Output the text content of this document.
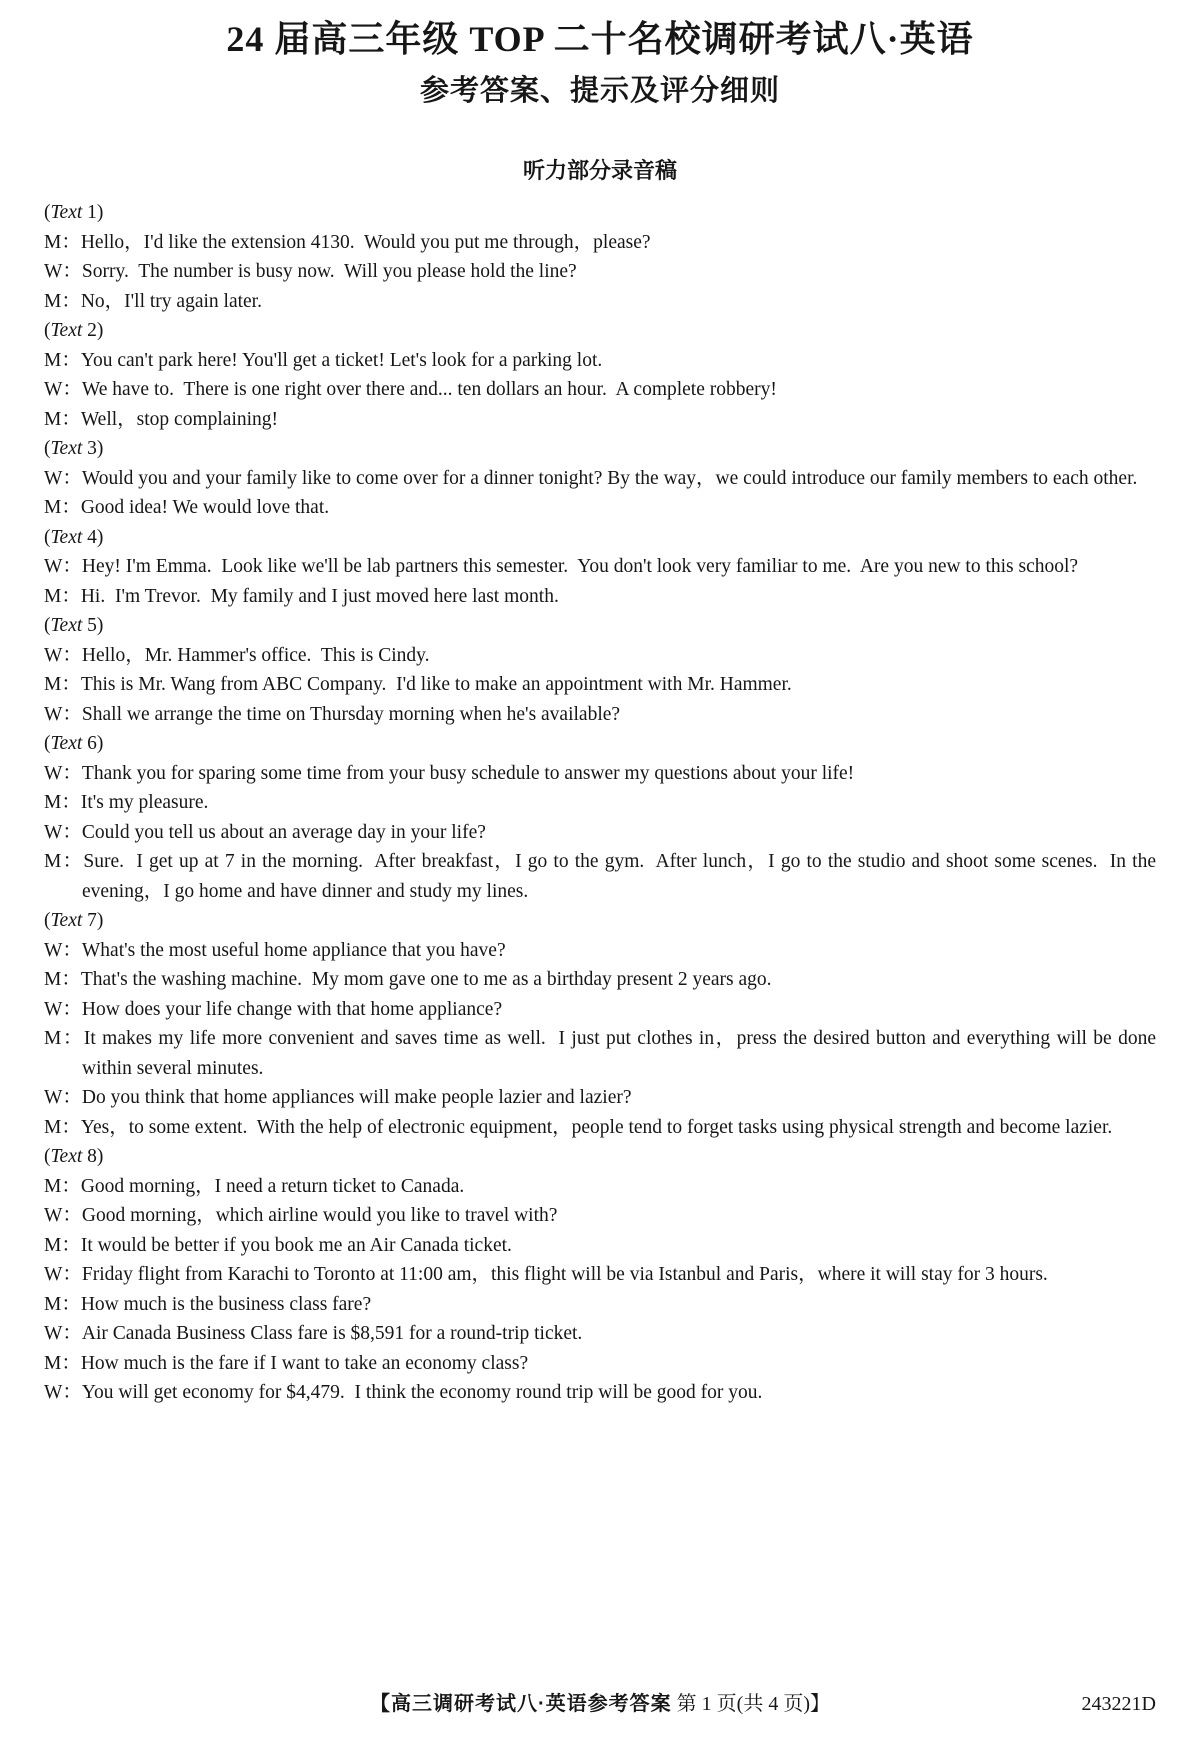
24 届高三年级 TOP 二十名校调研考试八·英语
参考答案、提示及评分细则
听力部分录音稿

(Text 1)

M：Hello，I'd like the extension 4130.  Would you put me through，please?

W：Sorry.  The number is busy now.  Will you please hold the line?

M：No，I'll try again later.

(Text 2)

M：You can't park here! You'll get a ticket! Let's look for a parking lot.

W：We have to.  There is one right over there and... ten dollars an hour.  A complete robbery!

M：Well，stop complaining!

(Text 3)

W：Would you and your family like to come over for a dinner tonight? By the way，we could introduce our family members to each other.

M：Good idea! We would love that.

(Text 4)

W：Hey! I'm Emma.  Look like we'll be lab partners this semester.  You don't look very familiar to me.  Are you new to this school?

M：Hi.  I'm Trevor.  My family and I just moved here last month.

(Text 5)

W：Hello，Mr. Hammer's office.  This is Cindy.

M：This is Mr. Wang from ABC Company.  I'd like to make an appointment with Mr. Hammer.

W：Shall we arrange the time on Thursday morning when he's available?

(Text 6)

W：Thank you for sparing some time from your busy schedule to answer my questions about your life!

M：It's my pleasure.

W：Could you tell us about an average day in your life?

M：Sure.  I get up at 7 in the morning.  After breakfast，I go to the gym.  After lunch，I go to the studio and shoot some scenes.  In the evening，I go home and have dinner and study my lines.

(Text 7)

W：What's the most useful home appliance that you have?

M：That's the washing machine.  My mom gave one to me as a birthday present 2 years ago.

W：How does your life change with that home appliance?

M：It makes my life more convenient and saves time as well.  I just put clothes in，press the desired button and everything will be done within several minutes.

W：Do you think that home appliances will make people lazier and lazier?

M：Yes，to some extent.  With the help of electronic equipment，people tend to forget tasks using physical strength and become lazier.

(Text 8)

M：Good morning，I need a return ticket to Canada.

W：Good morning，which airline would you like to travel with?

M：It would be better if you book me an Air Canada ticket.

W：Friday flight from Karachi to Toronto at 11:00 am，this flight will be via Istanbul and Paris，where it will stay for 3 hours.

M：How much is the business class fare?

W：Air Canada Business Class fare is $8,591 for a round-trip ticket.

M：How much is the fare if I want to take an economy class?

W：You will get economy for $4,479.  I think the economy round trip will be good for you.

【高三调研考试八·英语参考答案 第 1 页(共 4 页)】	243221D
